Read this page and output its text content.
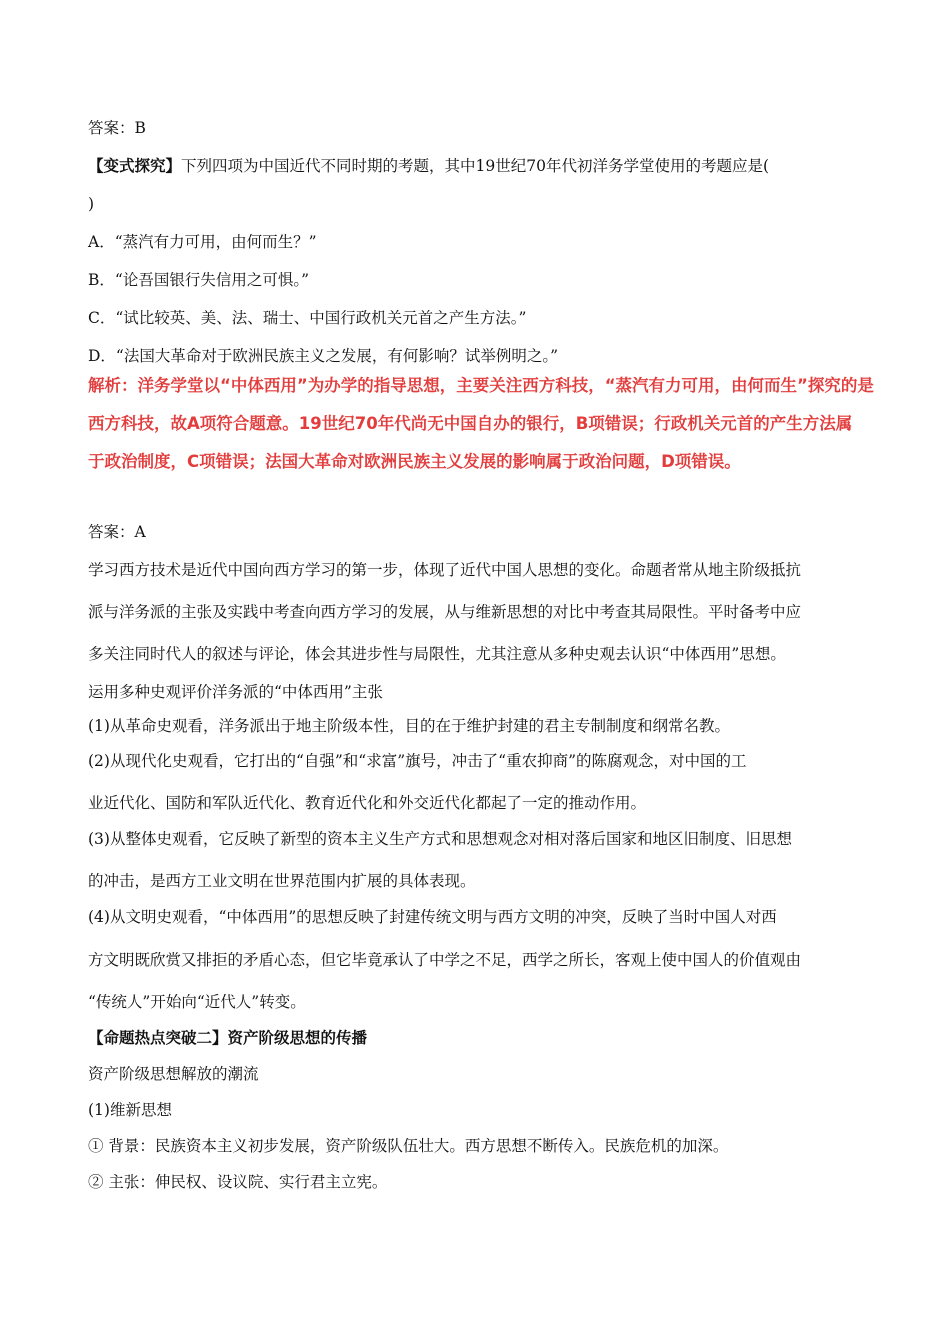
答案：B
【变式探究】下列四项为中国近代不同时期的考题，其中19世纪70年代初洋务学堂使用的考题应是(
)
A．“蒸汽有力可用，由何而生？”
B．“论吾国银行失信用之可惧。”
C．“试比较英、美、法、瑞士、中国行政机关元首之产生方法。”
D．“法国大革命对于欧洲民族主义之发展，有何影响？试举例明之。”
解析：洋务学堂以“中体西用”为办学的指导思想，主要关注西方科技，“蒸汽有力可用，由何而生”探究的是
西方科技，故A项符合题意。19世纪70年代尚无中国自办的银行，B项错误；行政机关元首的产生方法属
于政治制度，C项错误；法国大革命对欧洲民族主义发展的影响属于政治问题，D项错误。
答案：A
学习西方技术是近代中国向西方学习的第一步，体现了近代中国人思想的变化。命题者常从地主阶级抵抗
派与洋务派的主张及实践中考查向西方学习的发展，从与维新思想的对比中考查其局限性。平时备考中应
多关注同时代人的叙述与评论，体会其进步性与局限性，尤其注意从多种史观去认识“中体西用”思想。
运用多种史观评价洋务派的“中体西用”主张
(1)从革命史观看，洋务派出于地主阶级本性，目的在于维护封建的君主专制制度和纲常名教。
(2)从现代化史观看，它打出的“自强”和“求富”旗号，冲击了“重农抑商”的陈腐观念，对中国的工
业近代化、国防和军队近代化、教育近代化和外交近代化都起了一定的推动作用。
(3)从整体史观看，它反映了新型的资本主义生产方式和思想观念对相对落后国家和地区旧制度、旧思想
的冲击，是西方工业文明在世界范围内扩展的具体表现。
(4)从文明史观看，“中体西用”的思想反映了封建传统文明与西方文明的冲突，反映了当时中国人对西
方文明既欣赏又排拒的矛盾心态，但它毕竟承认了中学之不足，西学之所长，客观上使中国人的价值观由
“传统人”开始向“近代人”转变。
【命题热点突破二】资产阶级思想的传播
资产阶级思想解放的潮流
(1)维新思想
① 背景：民族资本主义初步发展，资产阶级队伍壮大。西方思想不断传入。民族危机的加深。
② 主张：伸民权、设议院、实行君主立宪。
